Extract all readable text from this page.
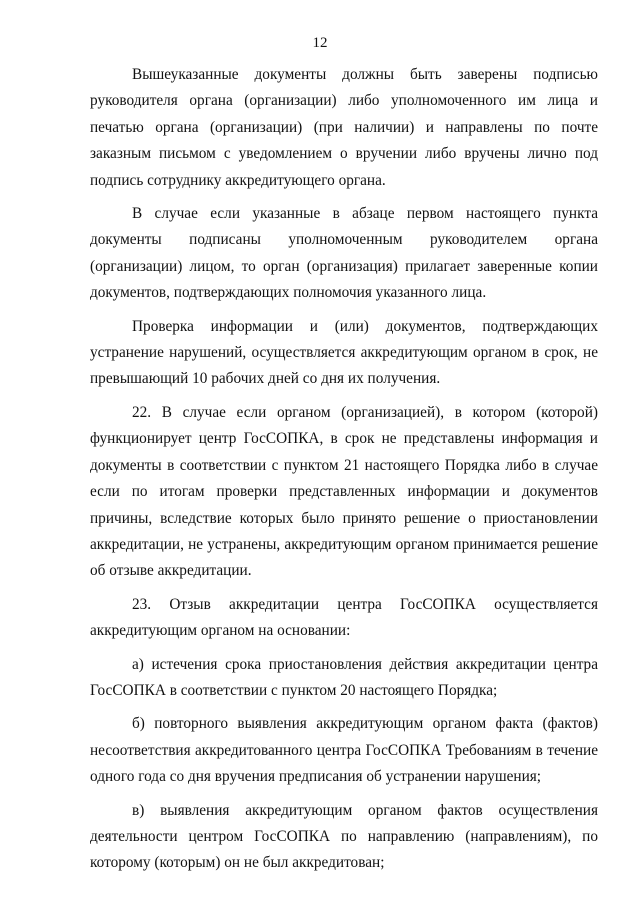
12

Вышеуказанные документы должны быть заверены подписью руководителя органа (организации) либо уполномоченного им лица и печатью органа (организации) (при наличии) и направлены по почте заказным письмом с уведомлением о вручении либо вручены лично под подпись сотруднику аккредитующего органа.

В случае если указанные в абзаце первом настоящего пункта документы подписаны уполномоченным руководителем органа (организации) лицом, то орган (организация) прилагает заверенные копии документов, подтверждающих полномочия указанного лица.

Проверка информации и (или) документов, подтверждающих устранение нарушений, осуществляется аккредитующим органом в срок, не превышающий 10 рабочих дней со дня их получения.

22. В случае если органом (организацией), в котором (которой) функционирует центр ГосСОПКА, в срок не представлены информация и документы в соответствии с пунктом 21 настоящего Порядка либо в случае если по итогам проверки представленных информации и документов причины, вследствие которых было принято решение о приостановлении аккредитации, не устранены, аккредитующим органом принимается решение об отзыве аккредитации.

23. Отзыв аккредитации центра ГосСОПКА осуществляется аккредитующим органом на основании:

а) истечения срока приостановления действия аккредитации центра ГосСОПКА в соответствии с пунктом 20 настоящего Порядка;

б) повторного выявления аккредитующим органом факта (фактов) несоответствия аккредитованного центра ГосСОПКА Требованиям в течение одного года со дня вручения предписания об устранении нарушения;

в) выявления аккредитующим органом фактов осуществления деятельности центром ГосСОПКА по направлению (направлениям), по которому (которым) он не был аккредитован;
